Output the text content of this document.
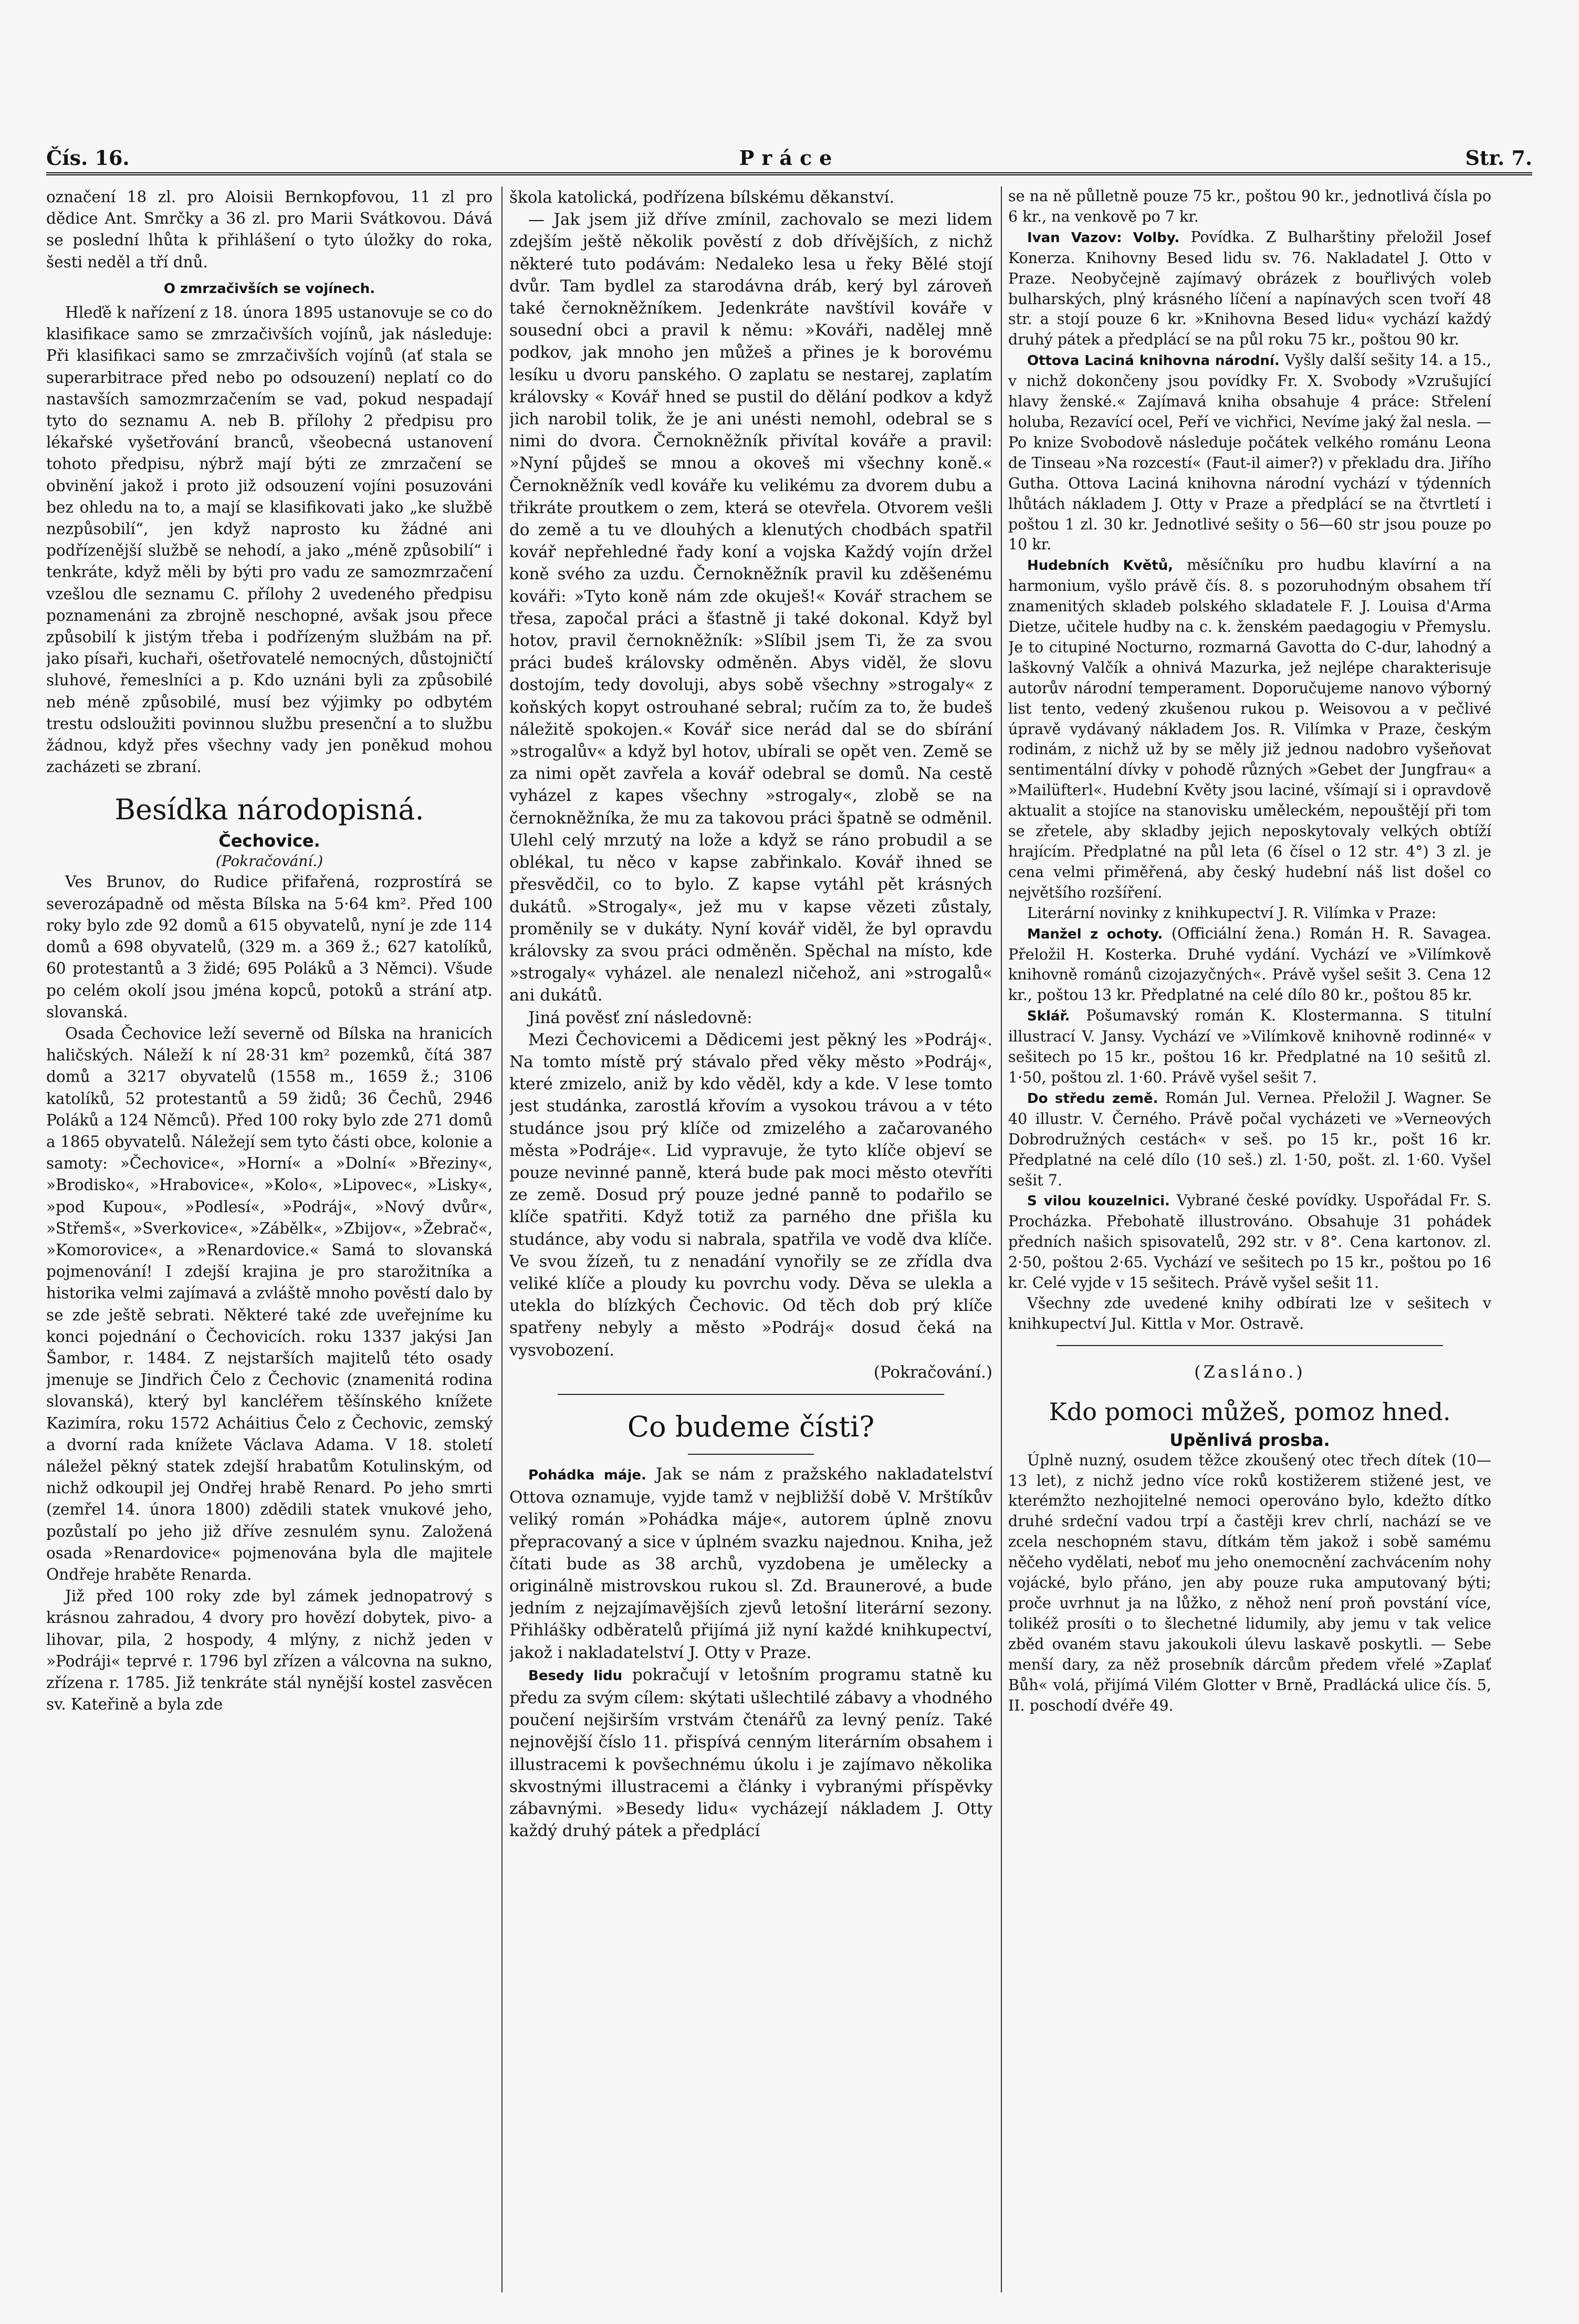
Čís. 16.	Práce	Str. 7.

označení 18 zl. pro Aloisii Bernkopfovou, 11 zl pro dědice Ant. Smrčky a 36 zl. pro Marii Svátkovou. Dává se poslední lhůta k přihlášení o tyto úložky do roka, šesti neděl a tří dnů.

O zmrzačivších se vojínech.

Hleďě k nařízení z 18. února 1895 ustanovuje se co do klasifikace samo se zmrzačivších vojínů, jak následuje: Při klasifikaci samo se zmrzačivších vojínů (ať stala se superarbitrace před nebo po odsouzení) neplatí co do nastavších samozmrzačením se vad, pokud nespadají tyto do seznamu A. neb B. přílohy 2 předpisu pro lékařské vyšetřování branců, všeobecná ustanovení tohoto předpisu, nýbrž mají býti ze zmrzačení se obvinění jakož i proto již odsouzení vojíni posuzováni bez ohledu na to, a mají se klasifikovati jako „ke službě nezpůsobilí“, jen když naprosto ku žádné ani podřízenější službě se nehodí, a jako „méně způsobilí“ i tenkráte, když měli by býti pro vadu ze samozmrzačení vzešlou dle seznamu C. přílohy 2 uvedeného předpisu poznamenáni za zbrojně neschopné, avšak jsou přece způsobilí k jistým třeba i podřízeným službám na př. jako písaři, kuchaři, ošetřovatelé nemocných, důstojničtí sluhové, řemeslníci a p. Kdo uznáni byli za způsobilé neb méně způsobilé, musí bez výjimky po odbytém trestu odsloužiti povinnou službu presenční a to službu žádnou, když přes všechny vady jen poněkud mohou zacházeti se zbraní.

Besídka národopisná.
Čechovice.
(Pokračování.)

Ves Brunov, do Rudice přifařená, rozprostírá se severozápadně od města Bílska na 5·64 km². Před 100 roky bylo zde 92 domů a 615 obyvatelů, nyní je zde 114 domů a 698 obyvatelů, (329 m. a 369 ž.; 627 katolíků, 60 protestantů a 3 židé; 695 Poláků a 3 Němci). Všude po celém okolí jsou jména kopců, potoků a strání atp. slovanská.

Osada Čechovice leží severně od Bílska na hranicích haličských. Náleží k ní 28·31 km² pozemků, čítá 387 domů a 3217 obyvatelů (1558 m., 1659 ž.; 3106 katolíků, 52 protestantů a 59 židů; 36 Čechů, 2946 Poláků a 124 Němců). Před 100 roky bylo zde 271 domů a 1865 obyvatelů. Náležejí sem tyto části obce, kolonie a samoty: »Čechovice«, »Horní« a »Dolní« »Březiny«, »Brodisko«, »Hrabovice«, »Kolo«, »Lipovec«, »Lisky«, »pod Kupou«, »Podlesí«, »Podráj«, »Nový dvůr«, »Střemš«, »Sverkovice«, »Zábělk«, »Zbijov«, »Žebrač«, »Komorovice«, a »Renardovice.« Samá to slovanská pojmenování! I zdejší krajina je pro starožitníka a historika velmi zajímavá a zvláště mnoho pověstí dalo by se zde ještě sebrati. Některé také zde uveřejníme ku konci pojednání o Čechovicích. roku 1337 jakýsi Jan Šambor, r. 1484. Z nejstarších majitelů této osady jmenuje se Jindřich Čelo z Čechovic (znamenitá rodina slovanská), který byl kancléřem těšínského knížete Kazimíra, roku 1572 Acháitius Čelo z Čechovic, zemský a dvorní rada knížete Václava Adama. V 18. století náležel pěkný statek zdejší hrabatům Kotulinským, od nichž odkoupil jej Ondřej hrabě Renard. Po jeho smrti (zemřel 14. února 1800) zdědili statek vnukové jeho, pozůstalí po jeho již dříve zesnulém synu. Založená osada »Renardovice« pojmenována byla dle majitele Ondřeje hraběte Renarda.

Již před 100 roky zde byl zámek jednopatrový s krásnou zahradou, 4 dvory pro hovězí dobytek, pivo- a lihovar, pila, 2 hospody, 4 mlýny, z nichž jeden v »Podráji« teprvé r. 1796 byl zřízen a válcovna na sukno, zřízena r. 1785. Již tenkráte stál nynější kostel zasvěcen sv. Kateřině a byla zde

škola katolická, podřízena bílskému děkanství.

— Jak jsem již dříve zmínil, zachovalo se mezi lidem zdejším ještě několik pověstí z dob dřívějších, z nichž některé tuto podávám: Nedaleko lesa u řeky Bělé stojí dvůr. Tam bydlel za starodávna dráb, kerý byl zároveň také černokněžníkem. Jedenkráte navštívil kováře v sousední obci a pravil k němu: »Kováři, nadělej mně podkov, jak mnoho jen můžeš a přines je k borovému lesíku u dvoru panského. O zaplatu se nestarej, zaplatím královsky « Kovář hned se pustil do dělání podkov a když jich narobil tolik, že je ani unésti nemohl, odebral se s nimi do dvora. Černokněžník přivítal kováře a pravil: »Nyní půjdeš se mnou a okoveš mi všechny koně.« Černokněžník vedl kováře ku velikému za dvorem dubu a třikráte proutkem o zem, která se otevřela. Otvorem vešli do země a tu ve dlouhých a klenutých chodbách spatřil kovář nepřehledné řady koní a vojska Každý vojín držel koně svého za uzdu. Černokněžník pravil ku zděšenému kováři: »Tyto koně nám zde okuješ!« Kovář strachem se třesa, započal práci a šťastně ji také dokonal. Když byl hotov, pravil černokněžník: »Slíbil jsem Ti, že za svou práci budeš královsky odměněn. Abys viděl, že slovu dostojím, tedy dovoluji, abys sobě všechny »strogaly« z koňských kopyt ostrouhané sebral; ručím za to, že budeš náležitě spokojen.« Kovář sice nerád dal se do sbírání »strogalův« a když byl hotov, ubírali se opět ven. Země se za nimi opět zavřela a kovář odebral se domů. Na cestě vyházel z kapes všechny »strogaly«, zlobě se na černokněžníka, že mu za takovou práci špatně se odměnil. Ulehl celý mrzutý na lože a když se ráno probudil a se oblékal, tu něco v kapse zabřinkalo. Kovář ihned se přesvědčil, co to bylo. Z kapse vytáhl pět krásných dukátů. »Strogaly«, jež mu v kapse vězeti zůstaly, proměnily se v dukáty. Nyní kovář viděl, že byl opravdu královsky za svou práci odměněn. Spěchal na místo, kde »strogaly« vyházel. ale nenalezl ničehož, ani »strogalů« ani dukátů.

Jiná pověsť zní následovně:

Mezi Čechovicemi a Dědicemi jest pěkný les »Podráj«. Na tomto místě prý stávalo před věky město »Podráj«, které zmizelo, aniž by kdo věděl, kdy a kde. V lese tomto jest studánka, zarostlá křovím a vysokou trávou a v této studánce jsou prý klíče od zmizelého a začarovaného města »Podráje«. Lid vypravuje, že tyto klíče objeví se pouze nevinné panně, která bude pak moci město otevříti ze země. Dosud prý pouze jedné panně to podařilo se klíče spatřiti. Když totiž za parného dne přišla ku studánce, aby vodu si nabrala, spatřila ve vodě dva klíče. Ve svou žízeň, tu z nenadání vynořily se ze zřídla dva veliké klíče a ploudy ku povrchu vody. Děva se ulekla a utekla do blízkých Čechovic. Od těch dob prý klíče spatřeny nebyly a město »Podráj« dosud čeká na vysvobození.

(Pokračování.)

Co budeme čísti?

Pohádka máje. Jak se nám z pražského nakladatelství Ottova oznamuje, vyjde tamž v nejbližší době V. Mrštíkův veliký román »Pohádka máje«, autorem úplně znovu přepracovaný a sice v úplném svazku najednou. Kniha, jež čítati bude as 38 archů, vyzdobena je umělecky a originálně mistrovskou rukou sl. Zd. Braunerové, a bude jedním z nejzajímavějších zjevů letošní literární sezony. Přihlášky odběratelů přijímá již nyní každé knihkupectví, jakož i nakladatelství J. Otty v Praze.

Besedy lidu pokračují v letošním programu statně ku předu za svým cílem: skýtati ušlechtilé zábavy a vhodného poučení nejširším vrstvám čtenářů za levný peníz. Také nejnovější číslo 11. přispívá cenným literárním obsahem i illustracemi k povšechnému úkolu i je zajímavo několika skvostnými illustracemi a články i vybranými příspěvky zábavnými. »Besedy lidu« vycházejí nákladem J. Otty každý druhý pátek a předplácí

se na ně půlletně pouze 75 kr., poštou 90 kr., jednotlivá čísla po 6 kr., na venkově po 7 kr.

Ivan Vazov: Volby. Povídka. Z Bulharštiny přeložil Josef Konerza. Knihovny Besed lidu sv. 76. Nakladatel J. Otto v Praze. Neobyčejně zajímavý obrázek z bouřlivých voleb bulharských, plný krásného líčení a napínavých scen tvoří 48 str. a stojí pouze 6 kr. »Knihovna Besed lidu« vychází každý druhý pátek a předplácí se na půl roku 75 kr., poštou 90 kr.

Ottova Laciná knihovna národní. Vyšly další sešity 14. a 15., v nichž dokončeny jsou povídky Fr. X. Svobody »Vzrušující hlavy ženské.« Zajímavá kniha obsahuje 4 práce: Střelení holuba, Rezavící ocel, Peří ve vichřici, Nevíme jaký žal nesla. — Po knize Svobodově následuje počátek velkého románu Leona de Tinseau »Na rozcestí« (Faut-il aimer?) v překladu dra. Jiřího Gutha. Ottova Laciná knihovna národní vychází v týdenních lhůtách nákladem J. Otty v Praze a předplácí se na čtvrtletí i poštou 1 zl. 30 kr. Jednotlivé sešity o 56—60 str jsou pouze po 10 kr.

Hudebních Květů, měsíčníku pro hudbu klavírní a na harmonium, vyšlo právě čís. 8. s pozoruhodným obsahem tří znamenitých skladeb polského skladatele F. J. Louisa d'Arma Dietze, učitele hudby na c. k. ženském paedagogiu v Přemyslu. Je to citupiné Nocturno, rozmarná Gavotta do C-dur, lahodný a laškovný Valčík a ohnivá Mazurka, jež nejlépe charakterisuje autorův národní temperament. Doporučujeme nanovo výborný list tento, vedený zkušenou rukou p. Weisovou a v pečlivé úpravě vydávaný nákladem Jos. R. Vilímka v Praze, českým rodinám, z nichž už by se měly již jednou nadobro vyšeňovat sentimentální dívky v pohodě různých »Gebet der Jungfrau« a »Mailüfterl«. Hudební Květy jsou laciné, všímají si i opravdově aktualit a stojíce na stanovisku uměleckém, nepouštějí při tom se zřetele, aby skladby jejich neposkytovaly velkých obtíží hrajícím. Předplatné na půl leta (6 čísel o 12 str. 4°) 3 zl. je cena velmi přiměřená, aby český hudební náš list došel co největšího rozšíření.

Literární novinky z knihkupectví J. R. Vilímka v Praze:

Manžel z ochoty. (Officiální žena.) Román H. R. Savagea. Přeložil H. Kosterka. Druhé vydání. Vychází ve »Vilímkově knihovně románů cizojazyčných«. Právě vyšel sešit 3. Cena 12 kr., poštou 13 kr. Předplatné na celé dílo 80 kr., poštou 85 kr.

Sklář. Pošumavský román K. Klostermanna. S titulní illustrací V. Jansy. Vychází ve »Vilímkově knihovně rodinné« v sešitech po 15 kr., poštou 16 kr. Předplatné na 10 sešitů zl. 1·50, poštou zl. 1·60. Právě vyšel sešit 7.

Do středu země. Román Jul. Vernea. Přeložil J. Wagner. Se 40 illustr. V. Černého. Právě počal vycházeti ve »Verneových Dobrodružných cestách« v seš. po 15 kr., pošt 16 kr. Předplatné na celé dílo (10 seš.) zl. 1·50, pošt. zl. 1·60. Vyšel sešit 7.

S vilou kouzelnici. Vybrané české povídky. Uspořádal Fr. S. Procházka. Přebohatě illustrováno. Obsahuje 31 pohádek předních našich spisovatelů, 292 str. v 8°. Cena kartonov. zl. 2·50, poštou 2·65. Vychází ve sešitech po 15 kr., poštou po 16 kr. Celé vyjde v 15 sešitech. Právě vyšel sešit 11.

Všechny zde uvedené knihy odbírati lze v sešitech v knihkupectví Jul. Kittla v Mor. Ostravě.

(Zasláno.)
Kdo pomoci můžeš, pomoz hned.
Upěnlivá prosba.

Úplně nuzný, osudem těžce zkoušený otec třech dítek (10—13 let), z nichž jedno více roků kostižerem stižené jest, ve kterémžto nezhojitelné nemoci operováno bylo, kdežto dítko druhé srdeční vadou trpí a častěji krev chrlí, nachází se ve zcela neschopném stavu, dítkám těm jakož i sobě samému něčeho vydělati, neboť mu jeho onemocnění zachvácením nohy vojácké, bylo přáno, jen aby pouze ruka amputovaný býti; proče uvrhnut ja na lůžko, z něhož není proň povstání více, tolikéž prosíti o to šlechetné lidumily, aby jemu v tak velice zběd ovaném stavu jakoukoli úlevu laskavě poskytli. — Sebe menší dary, za něž prosebník dárcům předem vřelé »Zaplať Bůh« volá, přijímá Vilém Glotter v Brně, Pradlácká ulice čís. 5, II. poschodí dvéře 49.
